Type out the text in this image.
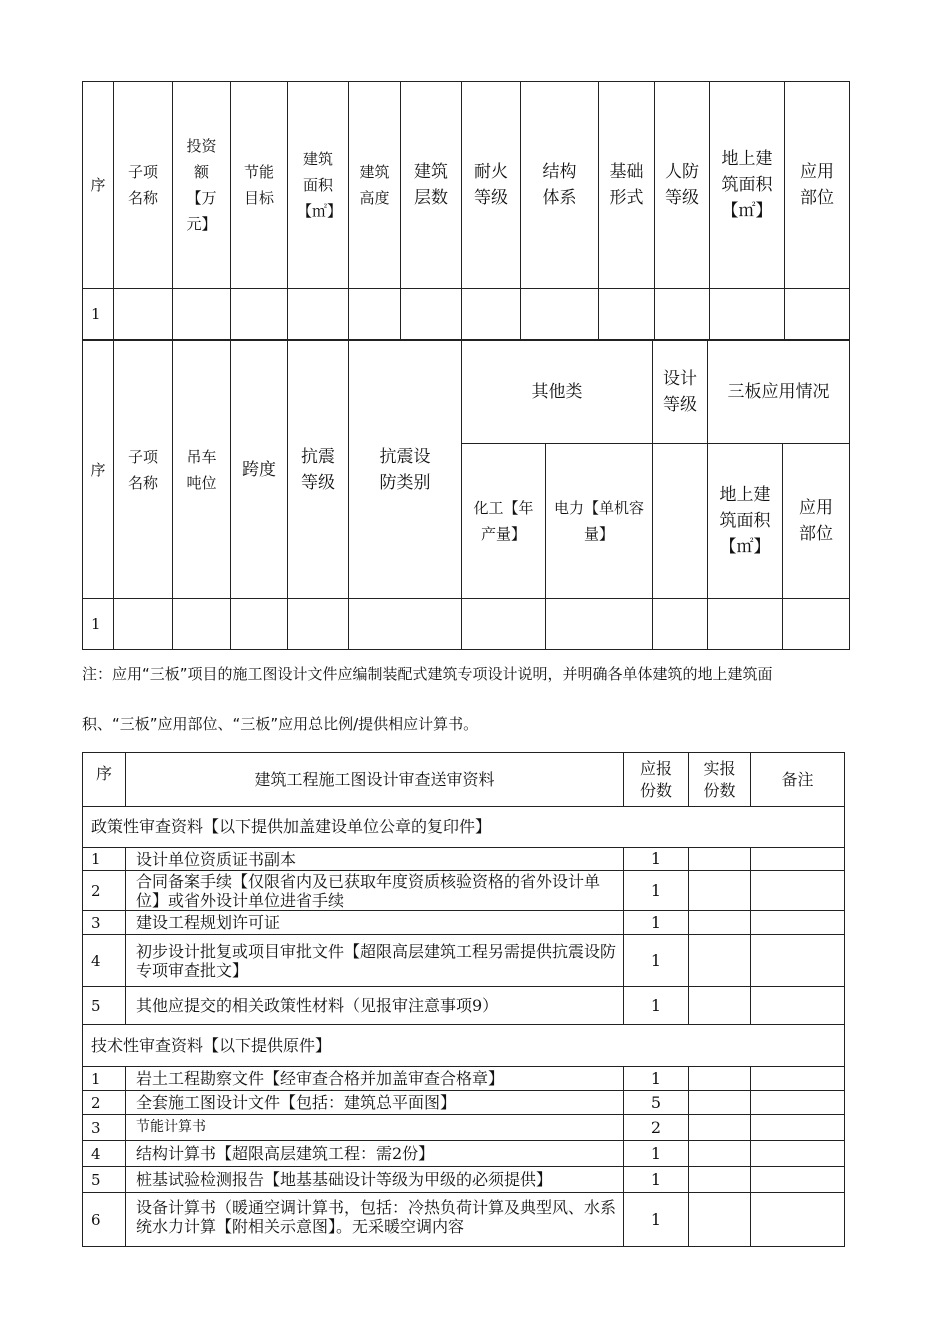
序	子项名称	投资额【万元】	节能目标	建筑面积【㎡】	建筑高度	建筑层数	耐火等级	结构体系	基础形式	人防等级	地上建筑面积【㎡】	应用部位

1												
序	子项名称	吊车吨位	跨度	抗震等级	抗震设防类别	其他类		设计等级	三板应用情况	

						化工【年产量】	电力【单机容量】		地上建筑面积【㎡】	应用部位

1										

注：应用“三板”项目的施工图设计文件应编制装配式建筑专项设计说明，并明确各单体建筑的地上建筑面

积、“三板”应用部位、“三板”应用总比例/提供相应计算书。

序	建筑工程施工图设计审查送审资料	应报份数	实报份数	备注
政策性审查资料【以下提供加盖建设单位公章的复印件】				
1	设计单位资质证书副本	1		
2	合同备案手续【仅限省内及已获取年度资质核验资格的省外设计单位】或省外设计单位进省手续	1		
3	建设工程规划许可证	1		
4	初步设计批复或项目审批文件【超限高层建筑工程另需提供抗震设防专项审查批文】	1		
5	其他应提交的相关政策性材料（见报审注意事项9）	1		
技术性审查资料【以下提供原件】				
1	岩土工程勘察文件【经审查合格并加盖审查合格章】	1		
2	全套施工图设计文件【包括：建筑总平面图】	5		
3	节能计算书	2		
4	结构计算书【超限高层建筑工程：需2份】	1		
5	桩基试验检测报告【地基基础设计等级为甲级的必须提供】	1		
6	设备计算书（暖通空调计算书，包括：冷热负荷计算及典型风、水系统水力计算【附相关示意图】。无采暖空调内容	1		
